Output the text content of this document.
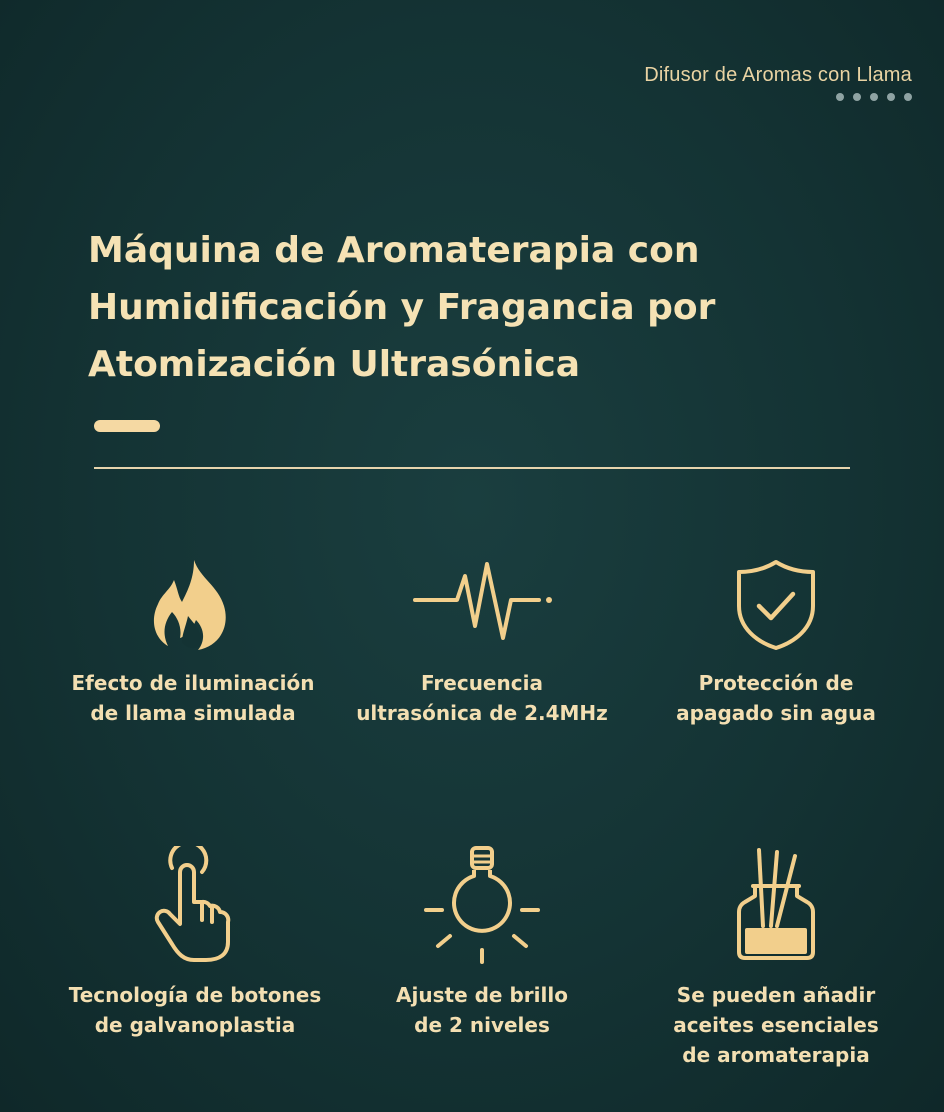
Difusor de Aromas con Llama
Máquina de Aromaterapia con
Humidificación y Fragancia por
Atomización Ultrasónica
Efecto de iluminación
de llama simulada
Frecuencia
ultrasónica de 2.4MHz
Protección de
apagado sin agua
Tecnología de botones
de galvanoplastia
Ajuste de brillo
de 2 niveles
Se pueden añadir
aceites esenciales
de aromaterapia
